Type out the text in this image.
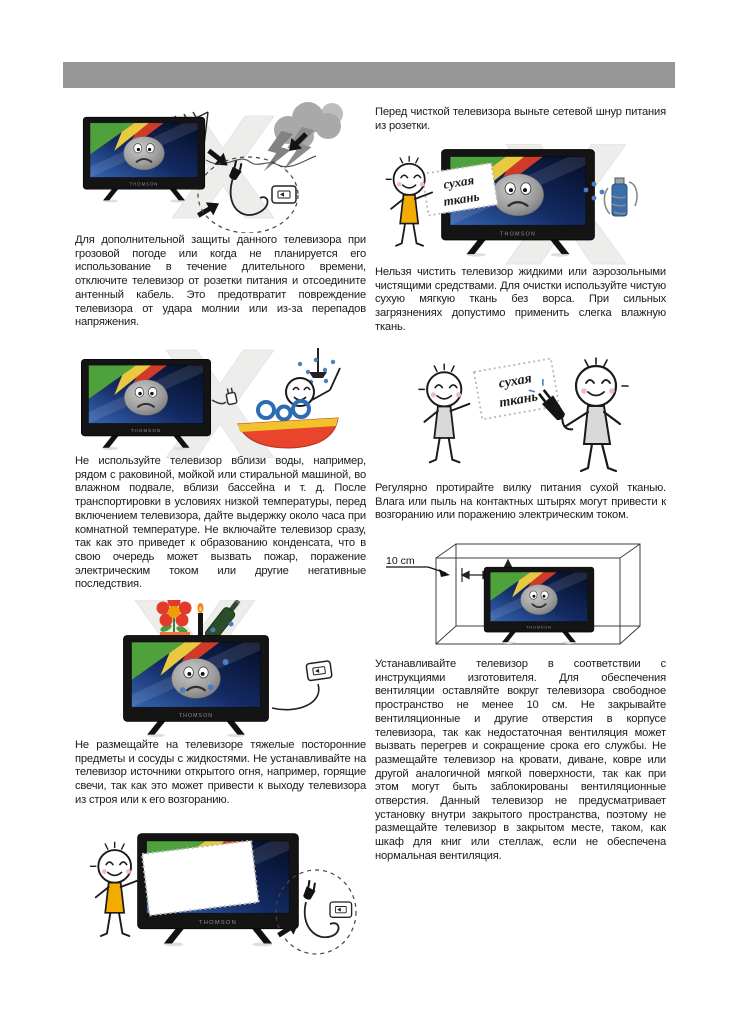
Для дополнительной защиты данного телевизора при грозовой погоде или когда не планируется его использование в течение длительного времени, отключите телевизор от розетки питания и отсоедините антенный кабель. Это предотвратит повреждение телевизора от удара молнии или из-за перепадов напряжения.

Не используйте телевизор вблизи воды, например, рядом с раковиной, мойкой или стиральной машиной, во влажном подвале, вблизи бассейна и т. д. После транспортировки в условиях низкой температуры, перед включением телевизора, дайте выдержку около часа при комнатной температуре. Не включайте телевизор сразу, так как это приведет к образованию конденсата, что в свою очередь может вызвать пожар, поражение электрическим током или другие негативные последствия.

Не размещайте на телевизоре тяжелые посторонние предметы и сосуды с жидкостями. Не устанавливайте на телевизор источники открытого огня, например, горящие свечи, так как это может привести к выходу телевизора из строя или к его возгоранию.

Перед чисткой телевизора выньте сетевой шнур питания из розетки.

сухая
ткань

Нельзя чистить телевизор жидкими или аэрозольными чистящими средствами. Для очистки используйте чистую сухую мягкую ткань без ворса. При сильных загрязнениях допустимо применить слегка влажную ткань.

сухая
ткань

Регулярно протирайте вилку питания сухой тканью. Влага или пыль на контактных штырях могут привести к возгоранию или поражению электрическим током.

10 cm

Устанавливайте телевизор в соответствии с инструкциями изготовителя. Для обеспечения вентиляции оставляйте вокруг телевизора свободное пространство не менее 10 см. Не закрывайте вентиляционные и другие отверстия в корпусе телевизора, так как недостаточная вентиляция может вызвать перегрев и сокращение срока его службы. Не размещайте телевизор на кровати, диване, ковре или другой аналогичной мягкой поверхности, так как при этом могут быть заблокированы вентиляционные отверстия. Данный телевизор не предусматривает установку внутри закрытого пространства, поэтому не размещайте телевизор в закрытом месте, таком, как шкаф для книг или стеллаж, если не обеспечена нормальная вентиляция.
